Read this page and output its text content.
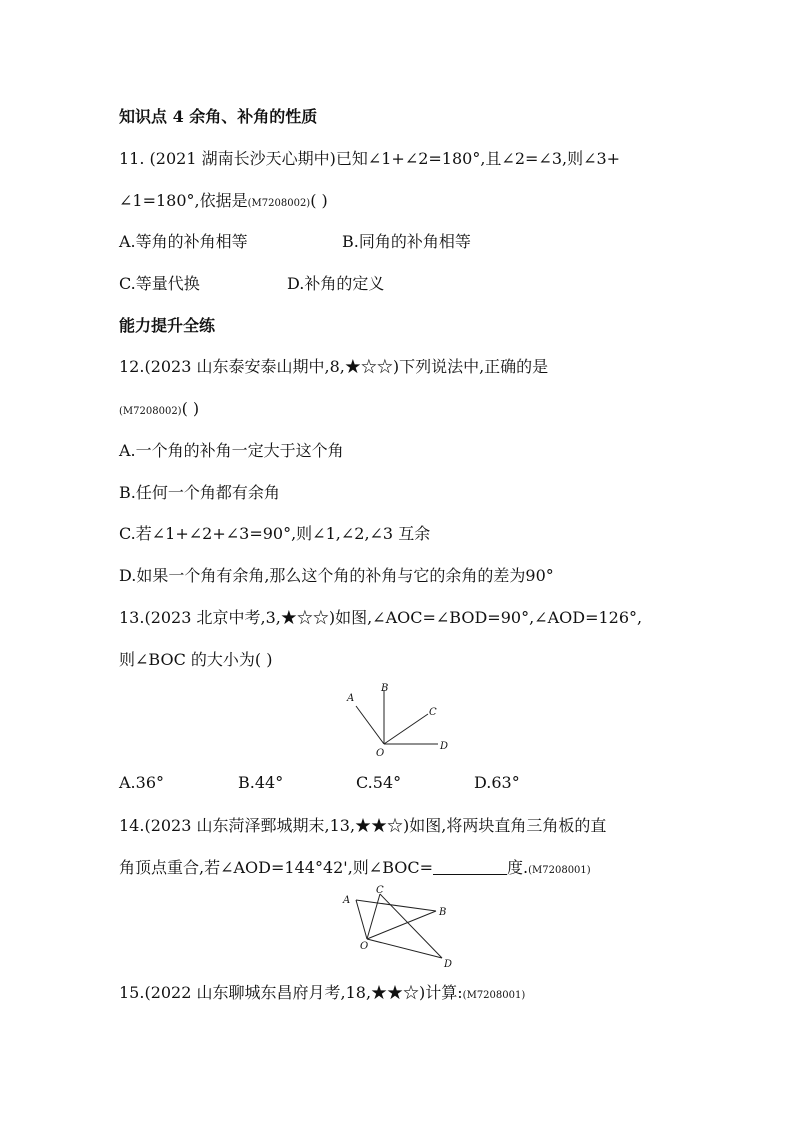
知识点 4 余角、补角的性质
11. (2021 湖南长沙天心期中)已知∠1+∠2=180°,且∠2=∠3,则∠3+
∠1=180°,依据是(M7208002)( )
A.等角的补角相等	B.同角的补角相等
C.等量代换	D.补角的定义
能力提升全练
12.(2023 山东泰安泰山期中,8,★☆☆)下列说法中,正确的是
(M7208002)( )
A.一个角的补角一定大于这个角
B.任何一个角都有余角
C.若∠1+∠2+∠3=90°,则∠1,∠2,∠3 互余
D.如果一个角有余角,那么这个角的补角与它的余角的差为90°
13.(2023 北京中考,3,★☆☆)如图,∠AOC=∠BOD=90°,∠AOD=126°,
则∠BOC 的大小为( )
A
B
C
O
D
A.36°	B.44°	C.54°	D.63°
14.(2023 山东菏泽鄄城期末,13,★★☆)如图,将两块直角三角板的直
角顶点重合,若∠AOD=144°42',则∠BOC=	度.(M7208001)
A
C
B
O
D
15.(2022 山东聊城东昌府月考,18,★★☆)计算:(M7208001)
